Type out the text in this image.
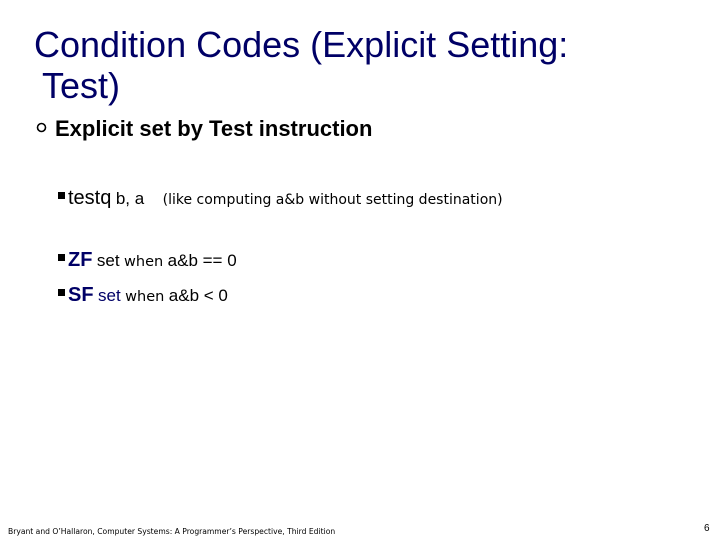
Condition Codes (Explicit Setting:
Test)
Explicit set by Test instruction
testq b, a (like computing a&b without setting destination)
ZF set when a&b == 0
SF set when a&b < 0
Bryant and O’Hallaron, Computer Systems: A Programmer’s Perspective, Third Edition	6
